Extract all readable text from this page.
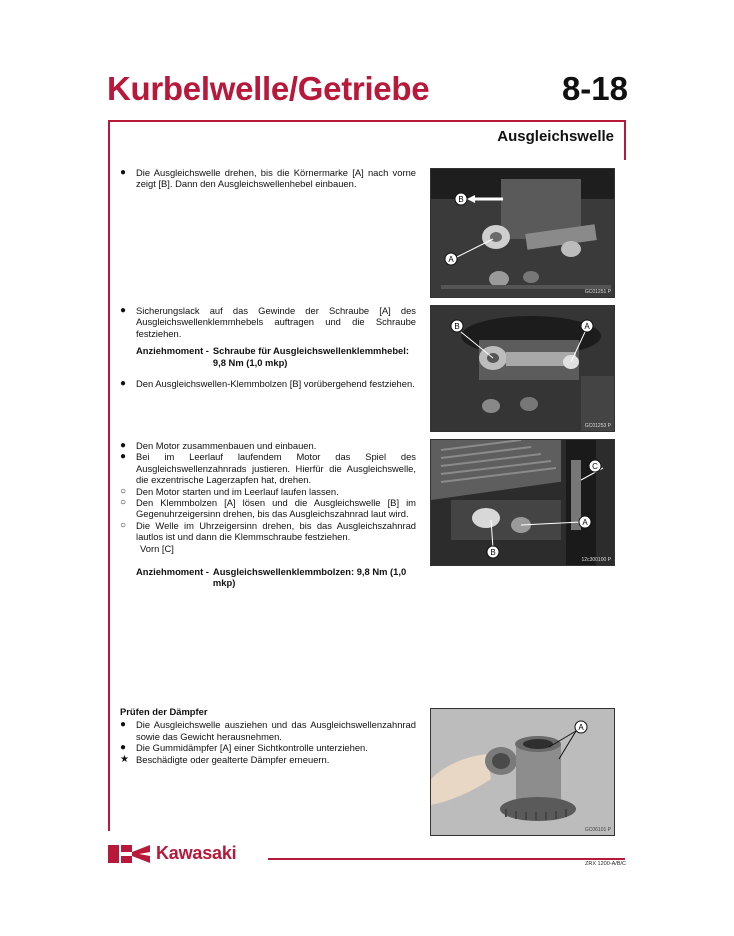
Kurbelwelle/Getriebe	8-18
Ausgleichswelle
●	Die Ausgleichswelle drehen, bis die Körnermarke [A] nach vorne zeigt [B]. Dann den Ausgleichswellenhebel einbauen.
●	Sicherungslack auf das Gewinde der Schraube [A] des Ausgleichswellenklemmhebels auftragen und die Schraube festziehen.
Anziehmoment - Schraube für Ausgleichswellenklemmhebel: 9,8 Nm (1,0 mkp)
●	Den Ausgleichswellen-Klemmbolzen [B] vorübergehend festziehen.
●	Den Motor zusammenbauen und einbauen.
●	Bei im Leerlauf laufendem Motor das Spiel des Ausgleichswellenzahnrads justieren. Hierfür die Ausgleichswelle, die exzentrische Lagerzapfen hat, drehen.
○	Den Motor starten und im Leerlauf laufen lassen.
○	Den Klemmbolzen [A] lösen und die Ausgleichswelle [B] im Gegenuhrzeigersinn drehen, bis das Ausgleichszahnrad laut wird.
○	Die Welle im Uhrzeigersinn drehen, bis das Ausgleichszahnrad lautlos ist und dann die Klemmschraube festziehen.
Vorn [C]
Anziehmoment - Ausgleichswellenklemmbolzen: 9,8 Nm (1,0 mkp)
Prüfen der Dämpfer
●	Die Ausgleichswelle ausziehen und das Ausgleichswellenzahnrad sowie das Gewicht herausnehmen.
●	Die Gummidämpfer [A] einer Sichtkontrolle unterziehen.
★ Beschädigte oder gealterte Dämpfer erneuern.
B
A
GC01251 P
B	A
GC01253 P
C
A
B
12c300100 P
A
GC06101 P
Kawasaki
ZRX 1200-A/B/C
